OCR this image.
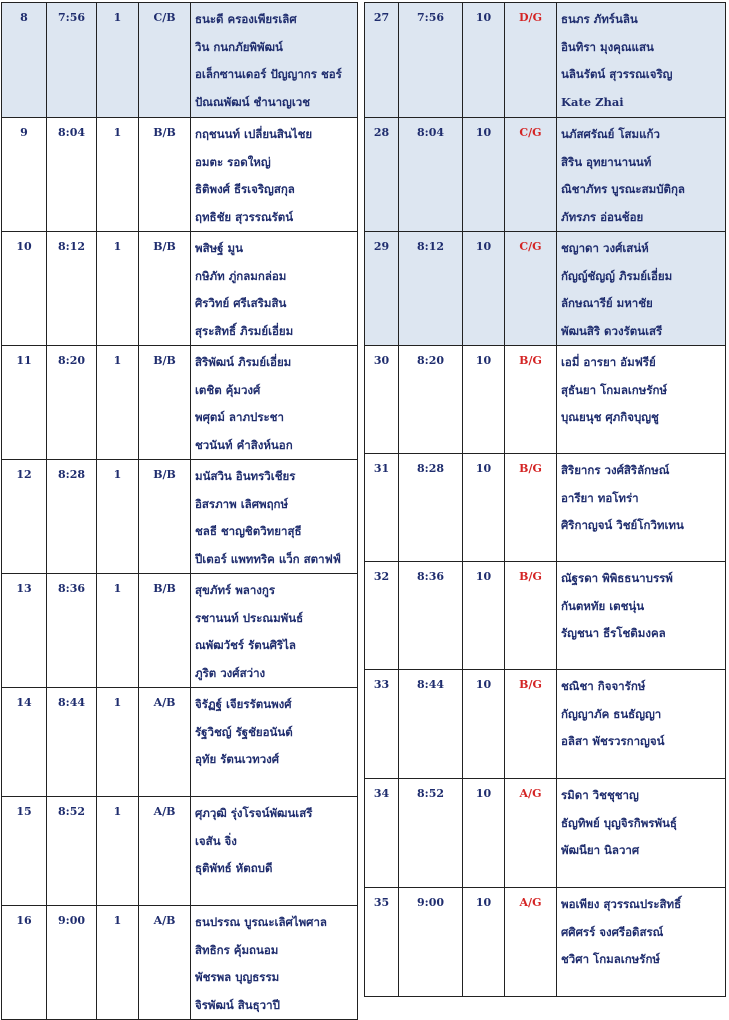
8	7:56	1	C/B	ธนะดี ครองเพียรเลิศ
วิน กนกภัยพิพัฒน์
อเล็กซานเดอร์ ปัญญากร ชอร์
ปัณณพัฒน์ ชำนาญเวช

9	8:04	1	B/B	กฤชนนท์ เปลี่ยนสินไชย
อมตะ รอดใหญ่
ธิติพงศ์ ธีรเจริญสกุล
ฤทธิชัย สุวรรณรัตน์

10	8:12	1	B/B	พสิษฐ์ มูน
กษิภัท ภู่กลมกล่อม
ศิรวิทย์ ศรีเสริมสิน
สุระสิทธิ์ ภิรมย์เอี่ยม

11	8:20	1	B/B	สิริพัฒน์ ภิรมย์เอี่ยม
เตชิต คุ้มวงศ์
พศุตม์ ลาภประชา
ชวนันท์ คำสิงห์นอก

12	8:28	1	B/B	มนัสวิน อินทรวิเชียร
อิสรภาพ เลิศพฤกษ์
ชลธี ชาญชิตวิทยาสุธี
ปีเตอร์ แพททริค แว็ก สตาฟฟ์

13	8:36	1	B/B	สุขภัทร์ พลางกูร
รชานนท์ ประณมพันธ์
ณพัฒวัชร์ รัตนศิริไล
ภูริต วงศ์สว่าง

14	8:44	1	A/B	จิรัฏฐ์ เจียรรัตนพงศ์
รัฐวิชญ์ รัฐชัยอนันต์
อุทัย รัตนเวทวงศ์

15	8:52	1	A/B	ศุภวุฒิ รุ่งโรจน์พัฒนเสรี
เจสัน จิ่ง
ธุติพัทธ์ หัตถบดี

16	9:00	1	A/B	ธนปรรณ บูรณะเลิศไพศาล
สิทธิกร คุ้มถนอม
พัชรพล บุญธรรม
จิรพัฒน์ สินธุวาปี
27	7:56	10	D/G	ธนภร ภัทร์นลิน
อินทิรา มุงคุณแสน
นลินรัตน์ สุวรรณเจริญ
Kate Zhai

28	8:04	10	C/G	นภัสศรัณย์ โสมแก้ว
สิริน อุทยานานนท์
ณิชาภัทร บูรณะสมบัติกุล
ภัทรภร อ่อนช้อย

29	8:12	10	C/G	ชญาดา วงศ์เสน่ห์
กัญญ์ชัญญ์ ภิรมย์เอี่ยม
ลักษณารีย์ มหาชัย
พัฒนสิริ ดวงรัตนเสรี

30	8:20	10	B/G	เอมี่ อารยา อัมฟรีย์
สุธันยา โกมลเกษรักษ์
บุณยนุช ศุภกิจบุญชู

31	8:28	10	B/G	สิริยากร วงศ์สิริลักษณ์
อารียา ทอโทร่า
ศิริกาญจน์ วิชย์โกวิทเทน

32	8:36	10	B/G	ณัฐรดา พิพิธธนาบรรพ์
กันตหทัย เตชนุ่น
รัญชนา ธีรโชติมงคล

33	8:44	10	B/G	ชณิชา กิจจารักษ์
กัญญาภัค ธนธัญญา
อลิสา พัชรวรกาญจน์

34	8:52	10	A/G	รมิดา วิชชุชาญ
ธัญทิพย์ บุญจิรกิพรพันธุ์
พัฒนียา นิลวาศ

35	9:00	10	A/G	พอเพียง สุวรรณประสิทธิ์
ศศิศรร์ จงศรีอดิสรณ์
ชวิศา โกมลเกษรักษ์
